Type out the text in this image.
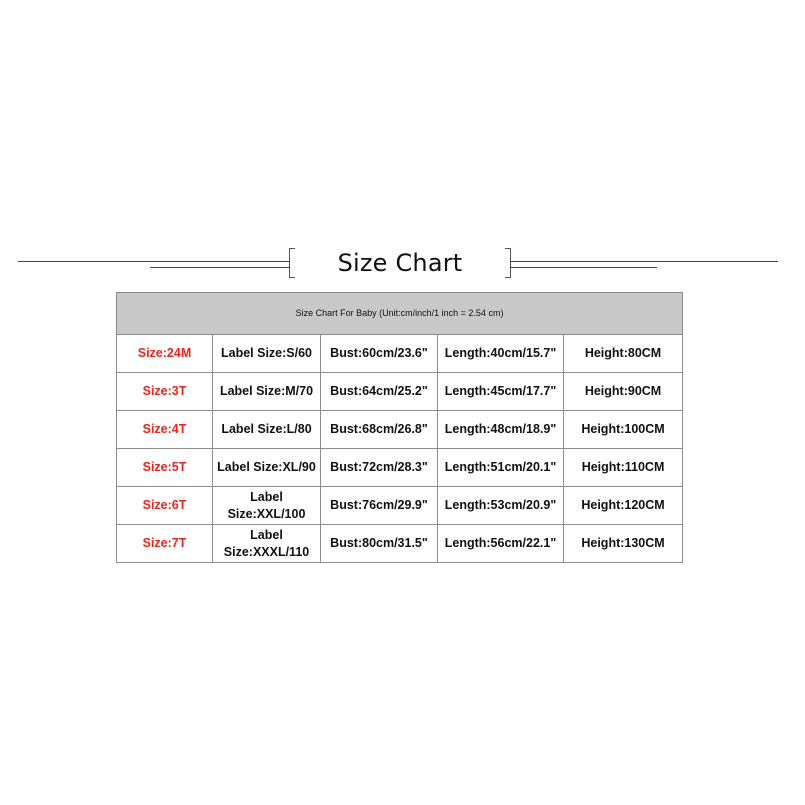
Size Chart
Size Chart For Baby (Unit:cm/inch/1 inch = 2.54 cm)				
Size:24M	Label Size:S/60	Bust:60cm/23.6"	Length:40cm/15.7"	Height:80CM
Size:3T	Label Size:M/70	Bust:64cm/25.2"	Length:45cm/17.7"	Height:90CM
Size:4T	Label Size:L/80	Bust:68cm/26.8"	Length:48cm/18.9"	Height:100CM
Size:5T	Label Size:XL/90	Bust:72cm/28.3"	Length:51cm/20.1"	Height:110CM
Size:6T	Label Size:XXL/100	Bust:76cm/29.9"	Length:53cm/20.9"	Height:120CM
Size:7T	Label Size:XXXL/110	Bust:80cm/31.5"	Length:56cm/22.1"	Height:130CM
